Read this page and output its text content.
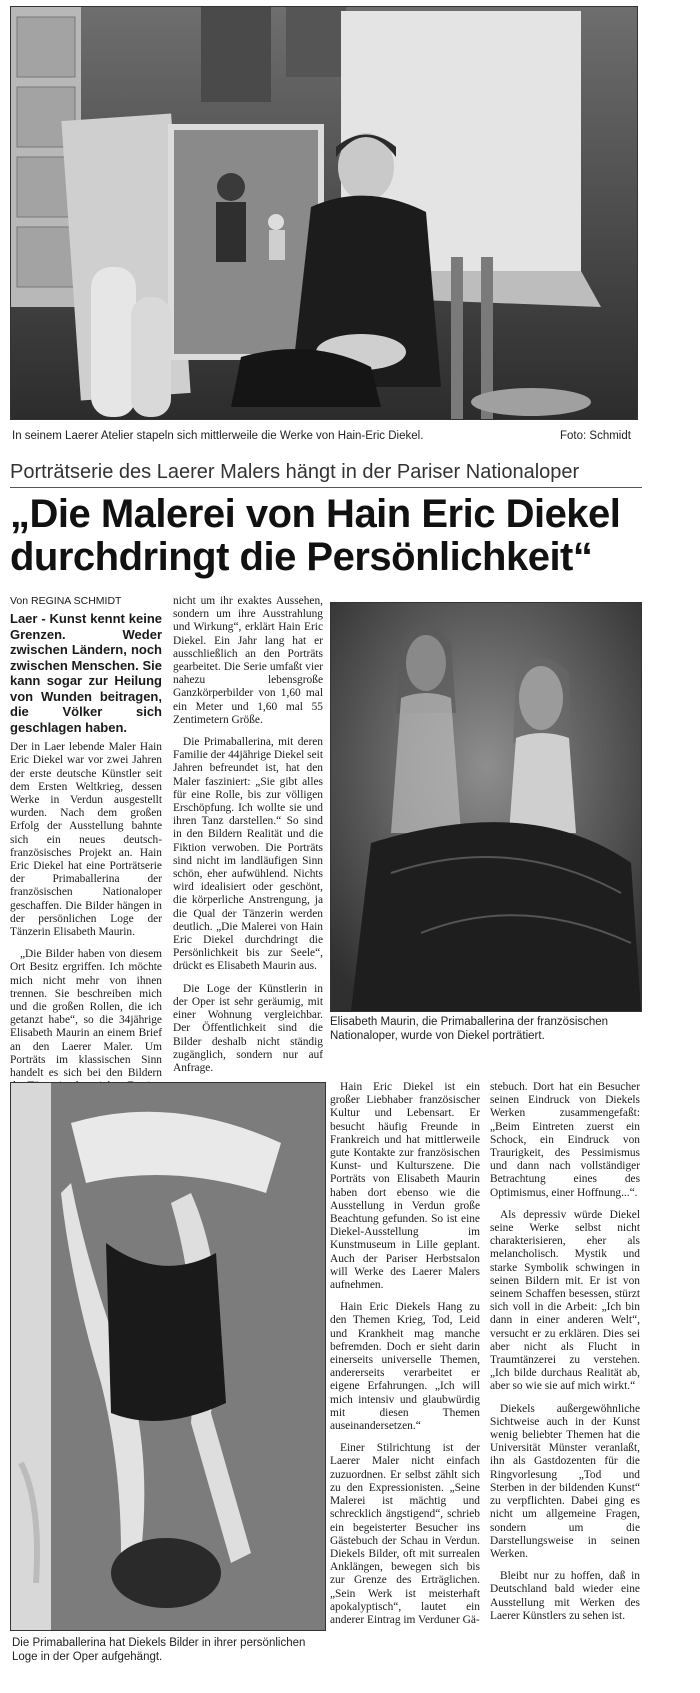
In seinem Laerer Atelier stapeln sich mittlerweile die Werke von Hain-Eric Diekel.	Foto: Schmidt
Porträtserie des Laerer Malers hängt in der Pariser Nationaloper
„Die Malerei von Hain Eric Diekel durchdringt die Persönlichkeit“
Von REGINA SCHMIDT
Laer - Kunst kennt keine Grenzen. Weder zwischen Ländern, noch zwischen Menschen. Sie kann sogar zur Heilung von Wunden beitragen, die Völker sich geschlagen haben.

Der in Laer lebende Maler Hain Eric Diekel war vor zwei Jahren der erste deutsche Künstler seit dem Ersten Weltkrieg, dessen Werke in Verdun ausgestellt wurden. Nach dem großen Erfolg der Ausstellung bahnte sich ein neues deutsch-französisches Projekt an. Hain Eric Diekel hat eine Porträtserie der Primaballerina der französischen Nationaloper geschaffen. Die Bilder hängen in der persönlichen Loge der Tänzerin Elisabeth Maurin.

„Die Bilder haben von diesem Ort Besitz ergriffen. Ich möchte mich nicht mehr von ihnen trennen. Sie beschreiben mich und die großen Rollen, die ich getanzt habe“, so die 34jährige Elisabeth Maurin an einem Brief an den Laerer Maler. Um Porträts im klassischen Sinn handelt es sich bei den Bildern

nicht um ihr exaktes Aussehen, sondern um ihre Ausstrahlung und Wirkung“, erklärt Hain Eric Diekel. Ein Jahr lang hat er ausschließlich an den Porträts gearbeitet. Die Serie umfaßt vier nahezu lebensgroße Ganzkörperbilder von 1,60 mal ein Meter und 1,60 mal 55 Zentimetern Größe.

Die Primaballerina, mit deren Familie der 44jährige Diekel seit Jahren befreundet ist, hat den Maler fasziniert: „Sie gibt alles für eine Rolle, bis zur völligen Erschöpfung. Ich wollte sie und ihren Tanz darstellen.“ So sind in den Bildern Realität und die Fiktion verwoben. Die Porträts sind nicht im landläufigen Sinn schön, eher aufwühlend. Nichts wird idealisiert oder geschönt, die körperliche Anstrengung, ja die Qual der Tänzerin werden deutlich. „Die Malerei von Hain Eric Diekel durchdringt die Persönlichkeit bis zur Seele“, drückt es Elisabeth Maurin aus.

Die Loge der Künstlerin in der Oper ist sehr geräumig, mit einer Wohnung vergleichbar. Der Öffentlichkeit sind die Bilder deshalb nicht ständig zugänglich, sondern nur auf Anfrage.

Elisabeth Maurin, die Primaballerina der französischen Nationaloper, wurde von Diekel porträtiert.
Die Primaballerina hat Diekels Bilder in ihrer persönlichen Loge in der Oper aufgehängt.

Hain Eric Diekel ist ein großer Liebhaber französischer Kultur und Lebensart. Er besucht häufig Freunde in Frankreich und hat mittlerweile gute Kontakte zur französischen Kunst- und Kulturszene. Die Porträts von Elisabeth Maurin haben dort ebenso wie die Ausstellung in Verdun große Beachtung gefunden. So ist eine Diekel-Ausstellung im Kunstmuseum in Lille geplant. Auch der Pariser Herbstsalon will Werke des Laerer Malers aufnehmen.

Hain Eric Diekels Hang zu den Themen Krieg, Tod, Leid und Krankheit mag manche befremden. Doch er sieht darin einerseits universelle Themen, andererseits verarbeitet er eigene Erfahrungen. „Ich will mich intensiv und glaubwürdig mit diesen Themen auseinandersetzen.“

Einer Stilrichtung ist der Laerer Maler nicht einfach zuzuordnen. Er selbst zählt sich zu den Expressionisten. „Seine Malerei ist mächtig und schrecklich ängstigend“, schrieb ein begeisterter Besucher ins Gästebuch der Schau in Verdun. Diekels Bilder, oft mit surrealen Anklängen, bewegen sich bis zur Grenze des Erträglichen. „Sein Werk ist meisterhaft apokalyptisch“, lautet ein anderer Eintrag im Verduner Gä-

stebuch. Dort hat ein Besucher seinen Eindruck von Diekels Werken zusammengefaßt: „Beim Eintreten zuerst ein Schock, ein Eindruck von Traurigkeit, des Pessimismus und dann nach vollständiger Betrachtung eines des Optimismus, einer Hoffnung...“.

Als depressiv würde Diekel seine Werke selbst nicht charakterisieren, eher als melancholisch. Mystik und starke Symbolik schwingen in seinen Bildern mit. Er ist von seinem Schaffen besessen, stürzt sich voll in die Arbeit: „Ich bin dann in einer anderen Welt“, versucht er zu erklären. Dies sei aber nicht als Flucht in Traumtänzerei zu verstehen. „Ich bilde durchaus Realität ab, aber so wie sie auf mich wirkt.“

Diekels außergewöhnliche Sichtweise auch in der Kunst wenig beliebter Themen hat die Universität Münster veranlaßt, ihn als Gastdozenten für die Ringvorlesung „Tod und Sterben in der bildenden Kunst“ zu verpflichten. Dabei ging es nicht um allgemeine Fragen, sondern um die Darstellungsweise in seinen Werken.

Bleibt nur zu hoffen, daß in Deutschland bald wieder eine Ausstellung mit Werken des Laerer Künstlers zu sehen ist.
